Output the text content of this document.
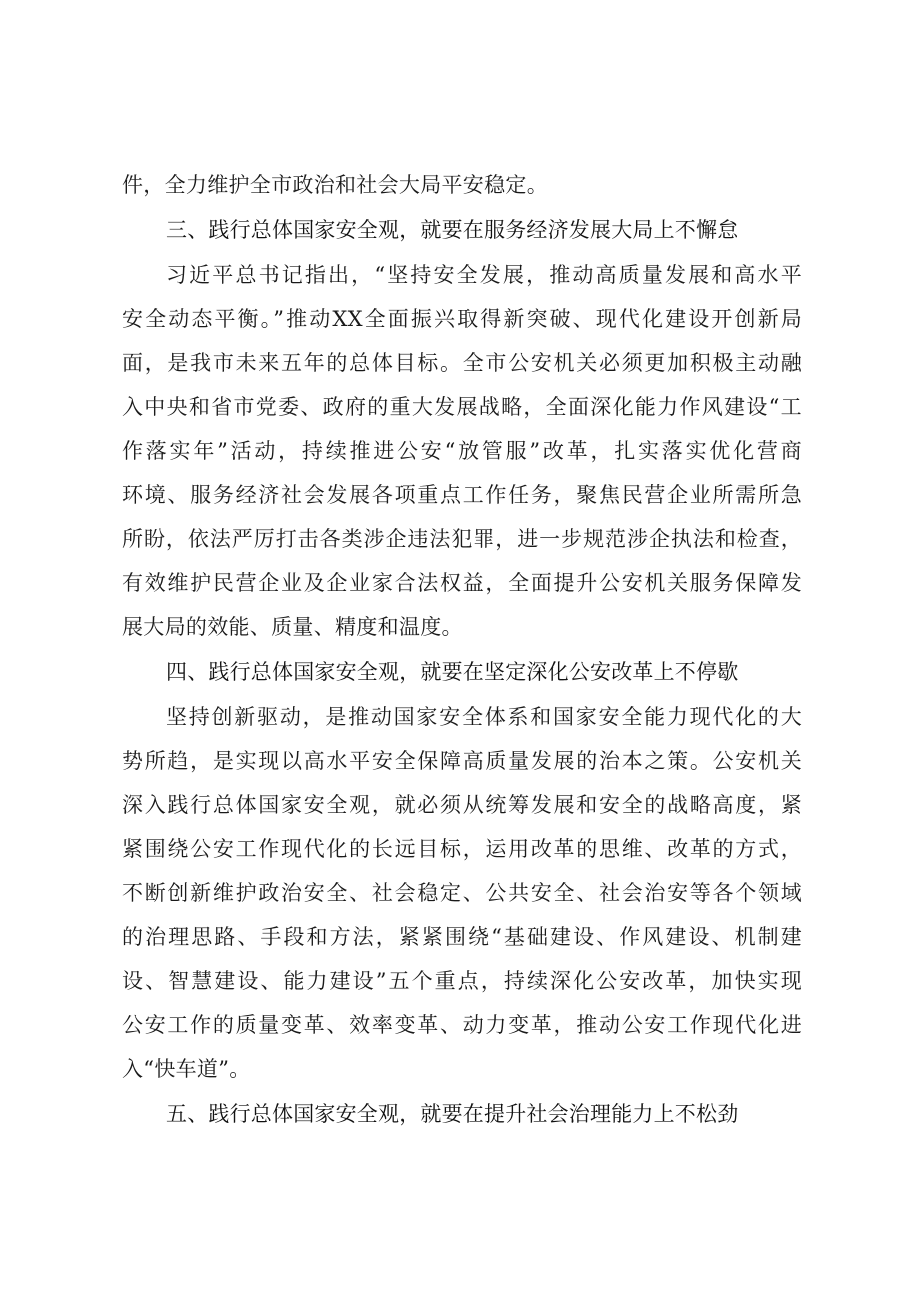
件，全力维护全市政治和社会大局平安稳定。
三、践行总体国家安全观，就要在服务经济发展大局上不懈怠
习近平总书记指出，“坚持安全发展，推动高质量发展和高水平
安全动态平衡。”推动XX全面振兴取得新突破、现代化建设开创新局
面，是我市未来五年的总体目标。全市公安机关必须更加积极主动融
入中央和省市党委、政府的重大发展战略，全面深化能力作风建设“工
作落实年”活动，持续推进公安“放管服”改革，扎实落实优化营商
环境、服务经济社会发展各项重点工作任务，聚焦民营企业所需所急
所盼，依法严厉打击各类涉企违法犯罪，进一步规范涉企执法和检查，
有效维护民营企业及企业家合法权益，全面提升公安机关服务保障发
展大局的效能、质量、精度和温度。
四、践行总体国家安全观，就要在坚定深化公安改革上不停歇
坚持创新驱动，是推动国家安全体系和国家安全能力现代化的大
势所趋，是实现以高水平安全保障高质量发展的治本之策。公安机关
深入践行总体国家安全观，就必须从统筹发展和安全的战略高度，紧
紧围绕公安工作现代化的长远目标，运用改革的思维、改革的方式，
不断创新维护政治安全、社会稳定、公共安全、社会治安等各个领域
的治理思路、手段和方法，紧紧围绕“基础建设、作风建设、机制建
设、智慧建设、能力建设”五个重点，持续深化公安改革，加快实现
公安工作的质量变革、效率变革、动力变革，推动公安工作现代化进
入“快车道”。
五、践行总体国家安全观，就要在提升社会治理能力上不松劲
